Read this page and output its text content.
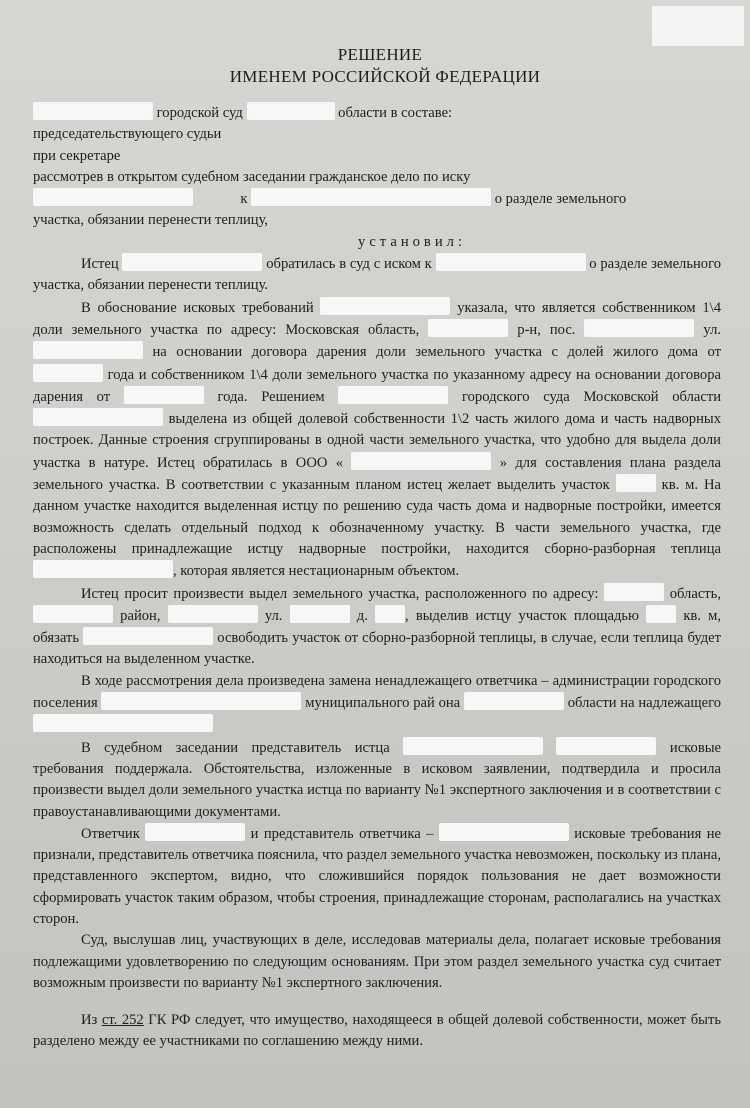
РЕШЕНИЕ
ИМЕНЕМ РОССИЙСКОЙ ФЕДЕРАЦИИ

городской суд	области в составе:

председательствующего судьи

при секретаре

рассмотрев в открытом судебном заседании гражданское дело по иску

к	о разделе земельного

участка, обязании перенести теплицу,

установил:

Истец	обратилась в суд с иском к	о разделе земельного участка, обязании перенести теплицу.

В обоснование исковых требований	указала, что является собственником 1\4 доли земельного участка по адресу: Московская область,	р-н, пос.	ул.  на основании договора дарения доли земельного участка с долей жилого дома от  года и собственником 1\4 доли земельного участка по указанному адресу на основании договора дарения от	года. Решением	городского суда Московской области  выделена из общей долевой собственности 1\2 часть жилого дома и часть надворных построек. Данные строения сгруппированы в одной части земельного участка, что удобно для выдела доли участка в натуре. Истец обратилась в ООО «	» для составления плана раздела земельного участка. В соответствии с указанным планом истец желает выделить участок	кв. м. На данном участке находится выделенная истцу по решению суда часть дома и надворные постройки, имеется возможность сделать отдельный подход к обозначенному участку. В части земельного участка, где расположены принадлежащие истцу надворные постройки, находится сборно-разборная теплица , которая является нестационарным объектом.

Истец просит произвести выдел земельного участка, расположенного по адресу:	область,  район,	ул.	д.	, выделив истцу участок площадью	кв. м, обязать	освободить участок от сборно-разборной теплицы, в случае, если теплица будет находиться на выделенном участке.

В ходе рассмотрения дела произведена замена ненадлежащего ответчика – администрации городского поселения	муниципального рай она	области на надлежащего

В судебном заседании представитель истца	исковые требования поддержала. Обстоятельства, изложенные в исковом заявлении, подтвердила и просила произвести выдел доли земельного участка истца по варианту №1 экспертного заключения и в соответствии с правоустанавливающими документами.

Ответчик	и представитель ответчика –	исковые требования не признали, представитель ответчика пояснила, что раздел земельного участка невозможен, поскольку из плана, представленного экспертом, видно, что сложившийся порядок пользования не дает возможности сформировать участок таким образом, чтобы строения, принадлежащие сторонам, располагались на участках сторон.

Суд, выслушав лиц, участвующих в деле, исследовав материалы дела, полагает исковые требования подлежащими удовлетворению по следующим основаниям. При этом раздел земельного участка суд считает возможным произвести по варианту №1 экспертного заключения.

Из ст. 252 ГК РФ следует, что имущество, находящееся в общей долевой собственности, может быть разделено между ее участниками по соглашению между ними.
